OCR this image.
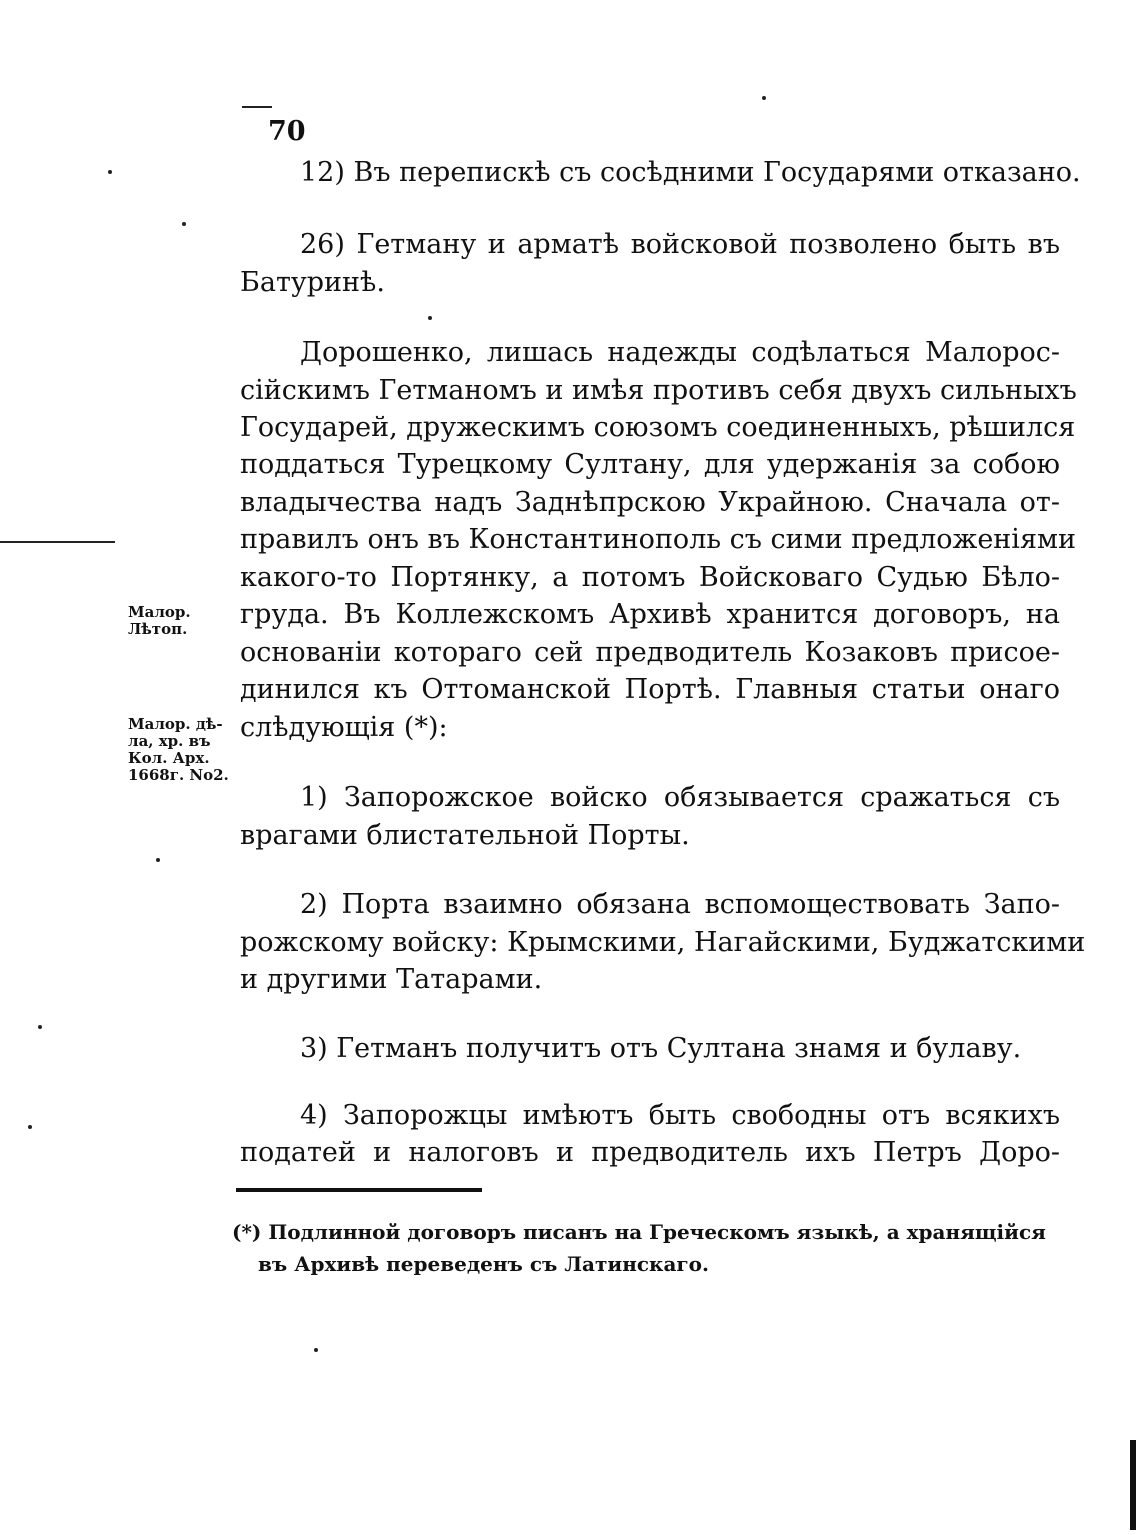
70
Малор.
Лѣтоп.
Малор. дѣ-
ла, хр. въ
Кол. Арх.
1668г. No2.
12) Въ перепискѣ съ сосѣдними Государями отказано.
26) Гетману и арматѣ войсковой позволено быть въ
Батуринѣ.
Дорошенко, лишась надежды содѣлаться Малорос-
сійскимъ Гетманомъ и имѣя противъ себя двухъ сильныхъ
Государей, дружескимъ союзомъ соединенныхъ, рѣшился
поддаться Турецкому Султану, для удержанія за собою
владычества надъ Заднѣпрскою Украйною. Сначала от-
правилъ онъ въ Константинополь съ сими предложеніями
какого-то Портянку, а потомъ Войсковаго Судью Бѣло-
груда. Въ Коллежскомъ Архивѣ хранится договоръ, на
основаніи котораго сей предводитель Козаковъ присое-
динился къ Оттоманской Портѣ. Главныя статьи онаго
слѣдующія (*):
1) Запорожское войско обязывается сражаться съ
врагами блистательной Порты.
2) Порта взаимно обязана вспомоществовать Запо-
рожскому войску: Крымскими, Нагайскими, Буджатскими
и другими Татарами.
3) Гетманъ получитъ отъ Султана знамя и булаву.
4) Запорожцы имѣютъ быть свободны отъ всякихъ
податей и налоговъ и предводитель ихъ Петръ Доро-
(*) Подлинной договоръ писанъ на Греческомъ языкѣ, а хранящійся
въ Архивѣ переведенъ съ Латинскаго.
